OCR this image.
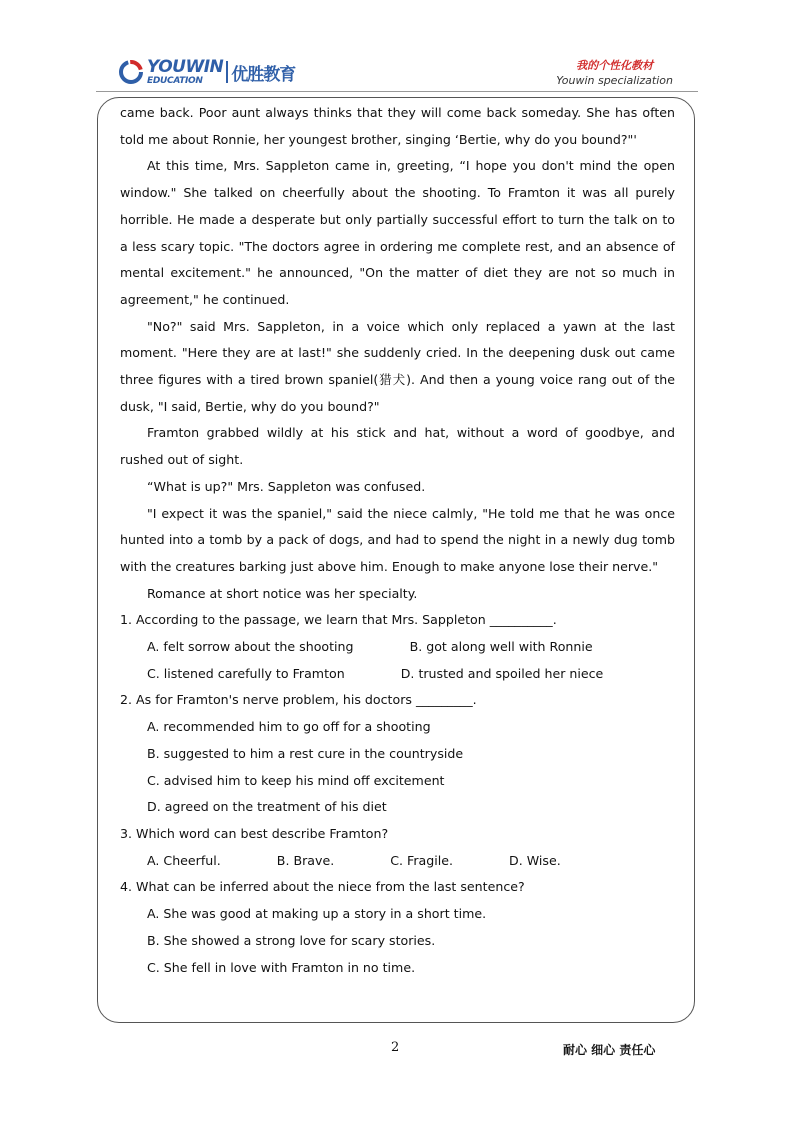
YOUWIN
EDUCATION	优胜教育	我的个性化教材
Youwin specialization

came back. Poor aunt always thinks that they will come back someday. She has often told me about Ronnie, her youngest brother, singing ‘Bertie, why do you bound?"'

At this time, Mrs. Sappleton came in, greeting, “I hope you don't mind the open window." She talked on cheerfully about the shooting. To Framton it was all purely horrible. He made a desperate but only partially successful effort to turn the talk on to a less scary topic. "The doctors agree in ordering me complete rest, and an absence of mental excitement." he announced, "On the matter of diet they are not so much in agreement," he continued.

"No?" said Mrs. Sappleton, in a voice which only replaced a yawn at the last moment. "Here they are at last!" she suddenly cried. In the deepening dusk out came three figures with a tired brown spaniel(猎犬). And then a young voice rang out of the dusk, "I said, Bertie, why do you bound?"

Framton grabbed wildly at his stick and hat, without a word of goodbye, and rushed out of sight.

“What is up?" Mrs. Sappleton was confused.

"I expect it was the spaniel," said the niece calmly, "He told me that he was once hunted into a tomb by a pack of dogs, and had to spend the night in a newly dug tomb with the creatures barking just above him. Enough to make anyone lose their nerve."

Romance at short notice was her specialty.

1. According to the passage, we learn that Mrs. Sappleton __________.

A. felt sorrow about the shooting              B. got along well with Ronnie

C. listened carefully to Framton              D. trusted and spoiled her niece

2. As for Framton's nerve problem, his doctors _________.

A. recommended him to go off for a shooting

B. suggested to him a rest cure in the countryside

C. advised him to keep his mind off excitement

D. agreed on the treatment of his diet

3. Which word can best describe Framton?

A. Cheerful.              B. Brave.              C. Fragile.              D. Wise.

4. What can be inferred about the niece from the last sentence?

A. She was good at making up a story in a short time.

B. She showed a strong love for scary stories.

C. She fell in love with Framton in no time.

2	耐心 细心 责任心
